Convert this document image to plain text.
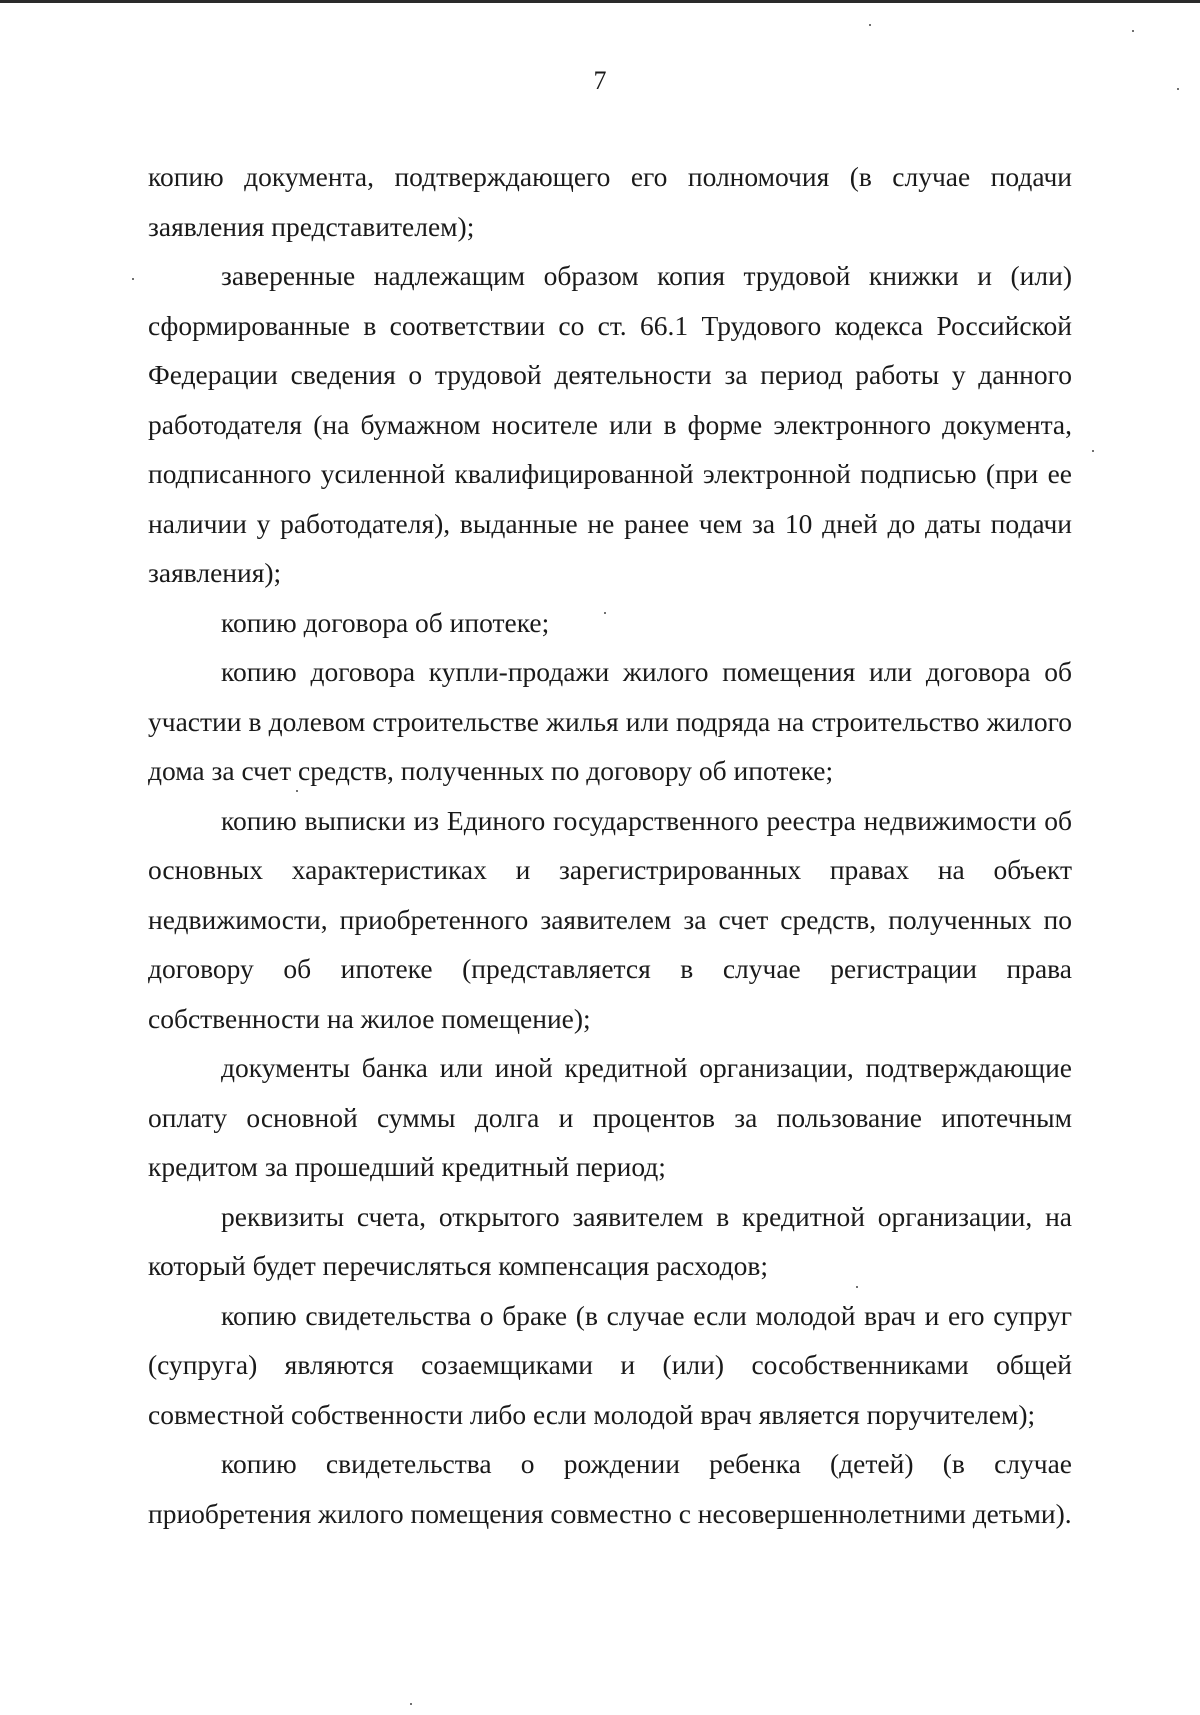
7

копию документа, подтверждающего его полномочия (в случае подачи заявления представителем);

заверенные надлежащим образом копия трудовой книжки и (или) сформированные в соответствии со ст. 66.1 Трудового кодекса Российской Федерации сведения о трудовой деятельности за период работы у данного работодателя (на бумажном носителе или в форме электронного документа, подписанного усиленной квалифицированной электронной подписью (при ее наличии у работодателя), выданные не ранее чем за 10 дней до даты подачи заявления);

копию договора об ипотеке;

копию договора купли-продажи жилого помещения или договора об участии в долевом строительстве жилья или подряда на строительство жилого дома за счет средств, полученных по договору об ипотеке;

копию выписки из Единого государственного реестра недвижимости об основных характеристиках и зарегистрированных правах на объект недвижимости, приобретенного заявителем за счет средств, полученных по договору об ипотеке (представляется в случае регистрации права собственности на жилое помещение);

документы банка или иной кредитной организации, подтверждающие оплату основной суммы долга и процентов за пользование ипотечным кредитом за прошедший кредитный период;

реквизиты счета, открытого заявителем в кредитной организации, на который будет перечисляться компенсация расходов;

копию свидетельства о браке (в случае если молодой врач и его супруг (супруга) являются созаемщиками и (или) сособственниками общей совместной собственности либо если молодой врач является поручителем);

копию свидетельства о рождении ребенка (детей) (в случае приобретения жилого помещения совместно с несовершеннолетними детьми).
